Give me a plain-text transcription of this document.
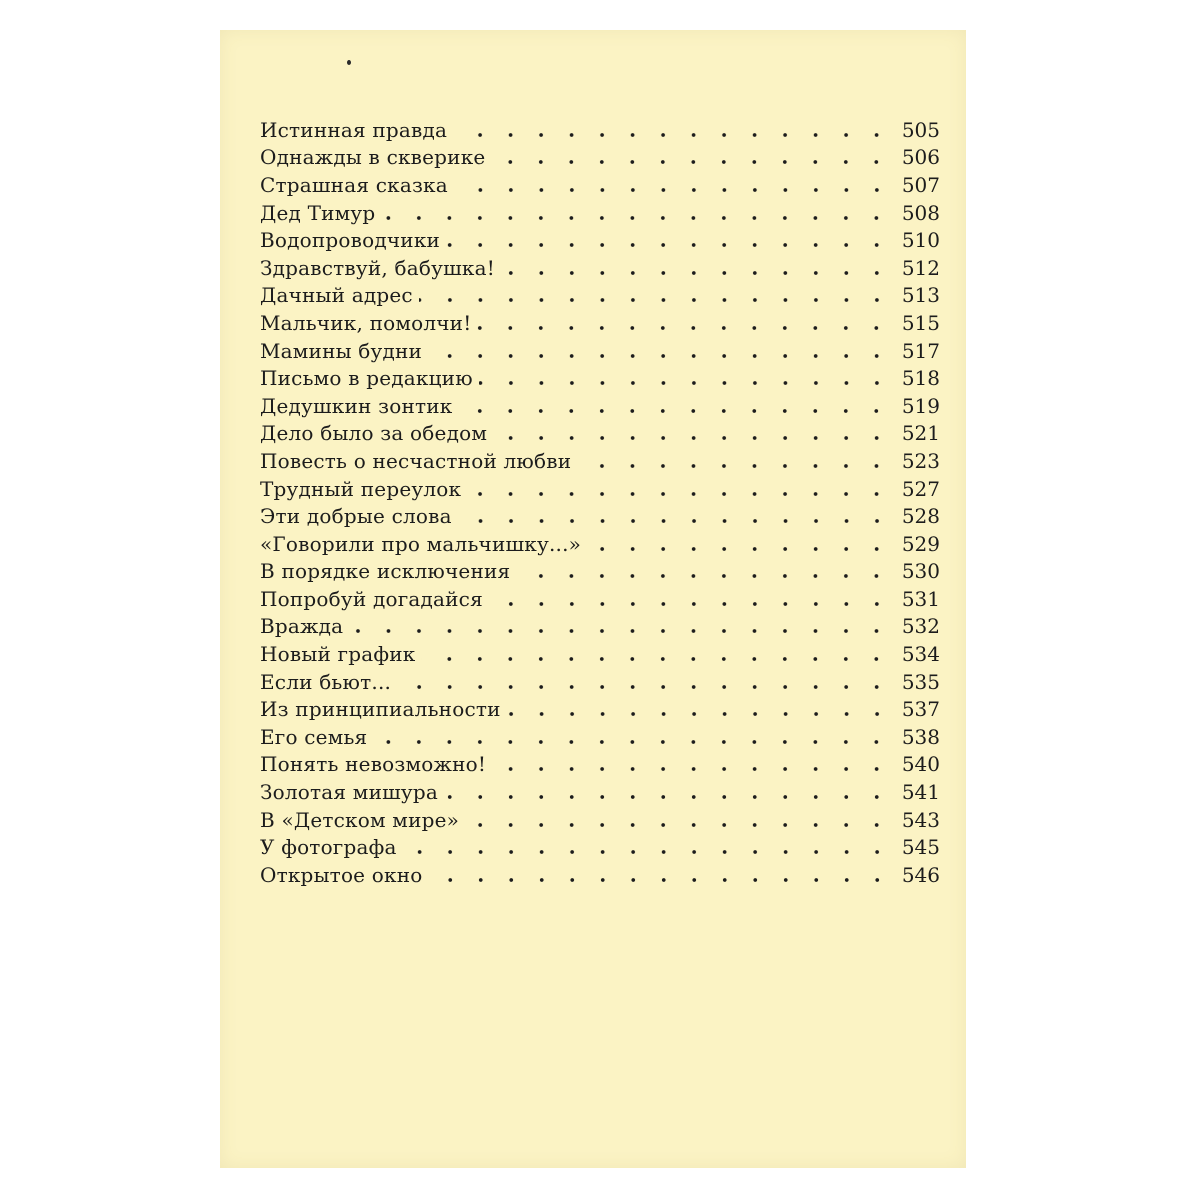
Истинная правда	505
Однажды в скверике	506
Страшная сказка	507
Дед Тимур	508
Водопроводчики	510
Здравствуй, бабушка!	512
Дачный адрес	513
Мальчик, помолчи!	515
Мамины будни	517
Письмо в редакцию	518
Дедушкин зонтик	519
Дело было за обедом	521
Повесть о несчастной любви	523
Трудный переулок	527
Эти добрые слова	528
«Говорили про мальчишку...»	529
В порядке исключения	530
Попробуй догадайся	531
Вражда	532
Новый график	534
Если бьют...	535
Из принципиальности	537
Его семья	538
Понять невозможно!	540
Золотая мишура	541
В «Детском мире»	543
У фотографа	545
Открытое окно	546
